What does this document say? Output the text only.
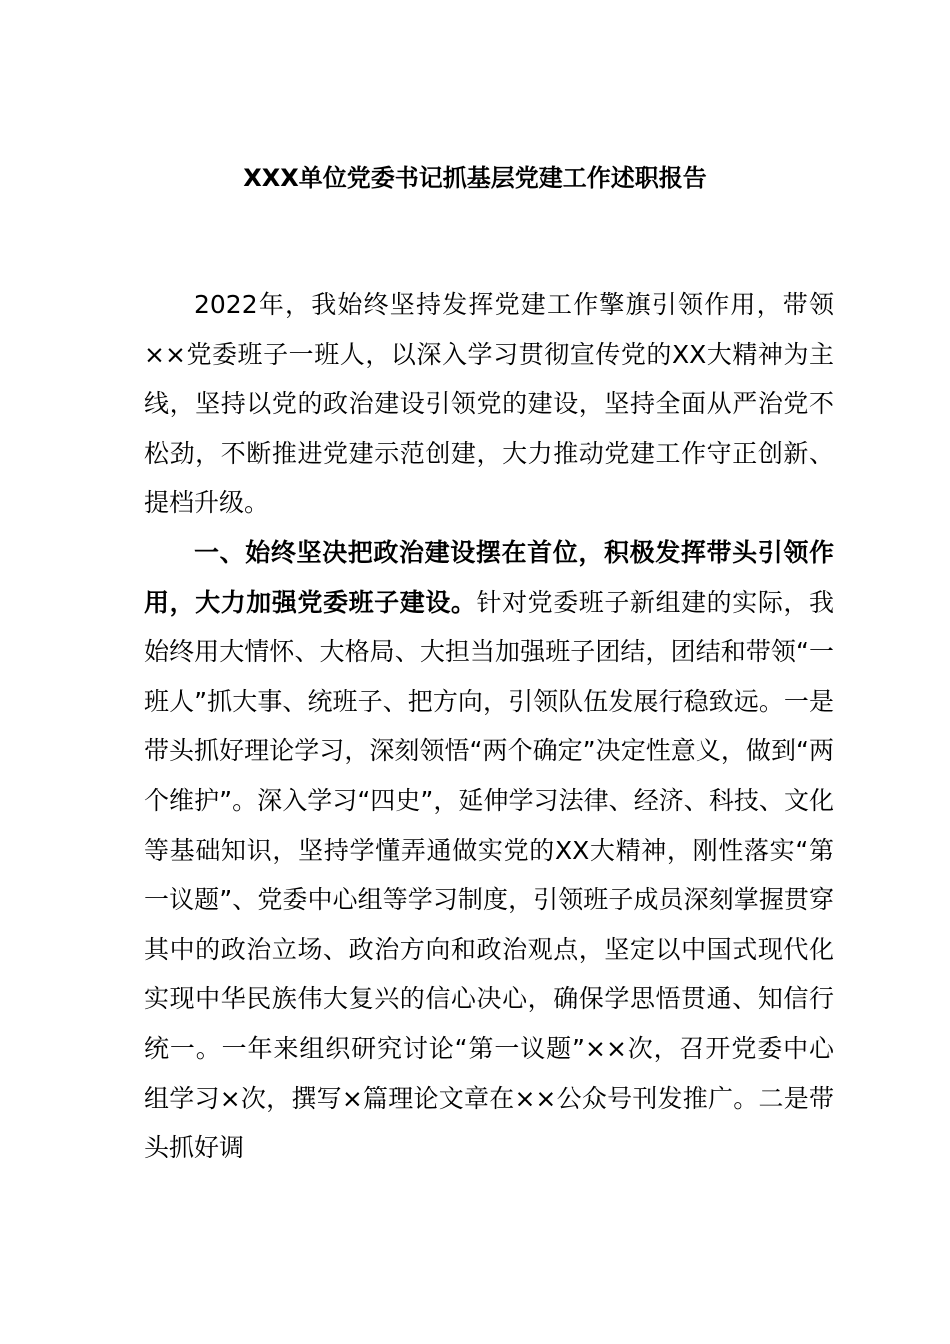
XXX单位党委书记抓基层党建工作述职报告

2022年，我始终坚持发挥党建工作擎旗引领作用，带领××党委班子一班人，以深入学习贯彻宣传党的XX大精神为主线，坚持以党的政治建设引领党的建设，坚持全面从严治党不松劲，不断推进党建示范创建，大力推动党建工作守正创新、提档升级。

一、始终坚决把政治建设摆在首位，积极发挥带头引领作用，大力加强党委班子建设。针对党委班子新组建的实际，我始终用大情怀、大格局、大担当加强班子团结，团结和带领“一班人”抓大事、统班子、把方向，引领队伍发展行稳致远。一是带头抓好理论学习，深刻领悟“两个确定”决定性意义，做到“两个维护”。深入学习“四史”，延伸学习法律、经济、科技、文化等基础知识，坚持学懂弄通做实党的XX大精神，刚性落实“第一议题”、党委中心组等学习制度，引领班子成员深刻掌握贯穿其中的政治立场、政治方向和政治观点，坚定以中国式现代化实现中华民族伟大复兴的信心决心，确保学思悟贯通、知信行统一。一年来组织研究讨论“第一议题”××次，召开党委中心组学习×次，撰写×篇理论文章在××公众号刊发推广。二是带头抓好调
